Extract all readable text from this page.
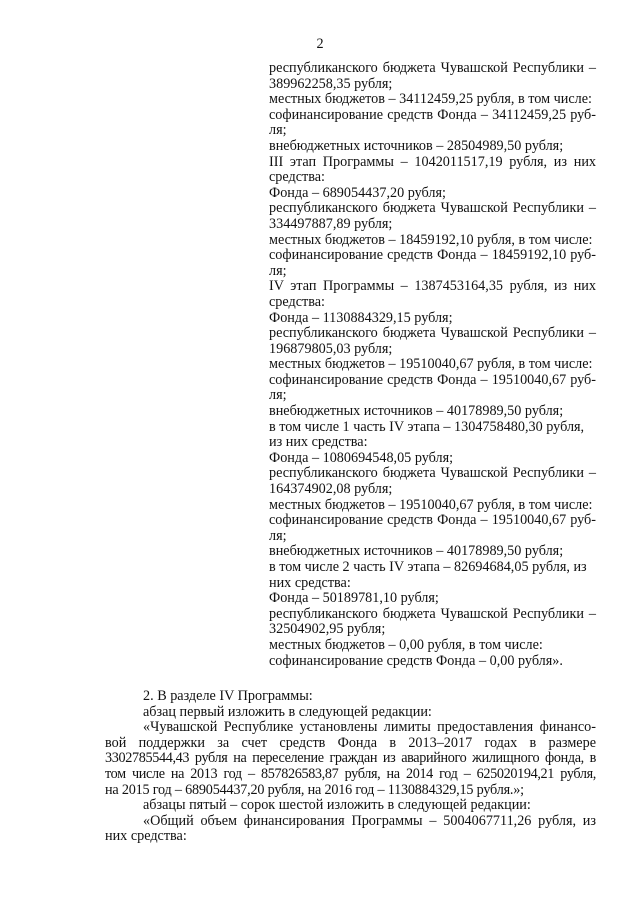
2
республиканского бюджета Чувашской Республики –
389962258,35 рубля;
местных бюджетов – 34112459,25 рубля, в том числе:
софинансирование средств Фонда – 34112459,25 руб-
ля;
внебюджетных источников – 28504989,50 рубля;
III этап Программы – 1042011517,19 рубля, из них
средства:
Фонда – 689054437,20 рубля;
республиканского бюджета Чувашской Республики –
334497887,89 рубля;
местных бюджетов – 18459192,10 рубля, в том числе:
софинансирование средств Фонда – 18459192,10 руб-
ля;
IV этап Программы – 1387453164,35 рубля, из них
средства:
Фонда – 1130884329,15 рубля;
республиканского бюджета Чувашской Республики –
196879805,03 рубля;
местных бюджетов – 19510040,67 рубля, в том числе:
софинансирование средств Фонда – 19510040,67 руб-
ля;
внебюджетных источников – 40178989,50 рубля;
в том числе 1 часть IV этапа – 1304758480,30 рубля,
из них средства:
Фонда – 1080694548,05 рубля;
республиканского бюджета Чувашской Республики –
164374902,08 рубля;
местных бюджетов – 19510040,67 рубля, в том числе:
софинансирование средств Фонда – 19510040,67 руб-
ля;
внебюджетных источников – 40178989,50 рубля;
в том числе 2 часть IV этапа – 82694684,05 рубля, из
них средства:
Фонда – 50189781,10 рубля;
республиканского бюджета Чувашской Республики –
32504902,95 рубля;
местных бюджетов – 0,00 рубля, в том числе:
софинансирование средств Фонда – 0,00 рубля».

2. В разделе IV Программы:

абзац первый изложить в следующей редакции:

«Чувашской Республике установлены лимиты предоставления финансо-
вой поддержки за счет средств Фонда в 2013–2017 годах в размере
3302785544,43 рубля на переселение граждан из аварийного жилищного фонда, в
том числе на 2013 год – 857826583,87 рубля, на 2014 год – 625020194,21 рубля,
на 2015 год – 689054437,20 рубля, на 2016 год – 1130884329,15 рубля.»;

абзацы пятый – сорок шестой изложить в следующей редакции:

«Общий объем финансирования Программы – 5004067711,26 рубля, из
них средства:
